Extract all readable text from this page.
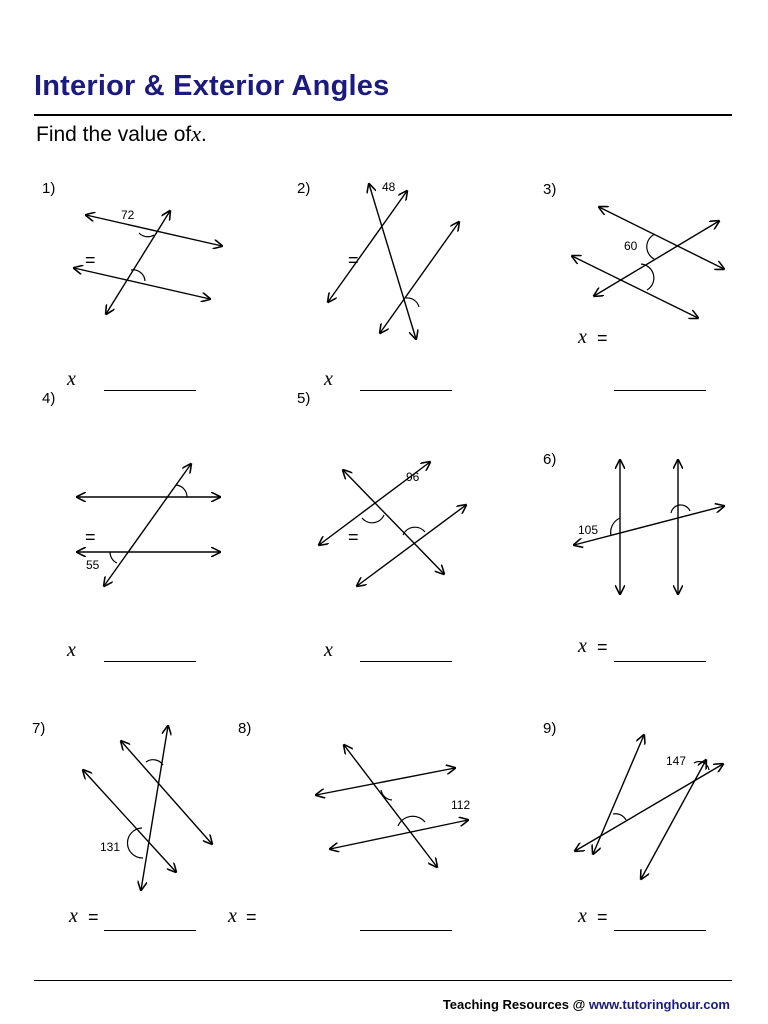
Interior & Exterior Angles
Find the value ofx.
1)	2)	3)
4)	5)
6)
7)	8)	9)
72
48
60
55
96
105
131
112
147
=	=
=	=
x	x
x =
x	x	x =
x =	x =	x =
Teaching Resources @ www.tutoringhour.com
